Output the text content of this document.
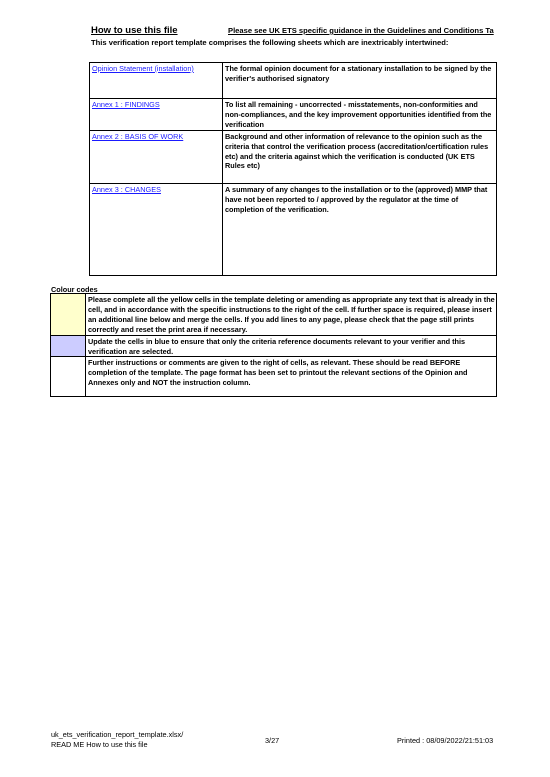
How to use this file	Please see UK ETS specific guidance in the Guidelines and Conditions Ta
This verification report template comprises the following sheets which are inextricably intertwined:
Opinion Statement (installation)	The formal opinion document for a stationary installation to be signed by the verifier's authorised signatory
Annex 1 : FINDINGS	To list all remaining - uncorrected - misstatements, non-conformities and non-compliances, and the key improvement opportunities identified from the verification
Annex 2 : BASIS OF WORK	Background and other information of relevance to the opinion such as the criteria that control the verification process (accreditation/certification rules etc) and the criteria against which the verification is conducted (UK ETS Rules etc)
Annex 3 : CHANGES	A summary of any changes to the installation or to the (approved) MMP that have not been reported to / approved by the regulator at the time of completion of the verification.
Colour codes
	Please complete all the yellow cells in the template deleting or amending as appropriate any text that is already in the cell, and in accordance with the specific instructions to the right of the cell. If further space is required, please insert an additional line below and merge the cells. If you add lines to any page, please check that the page still prints correctly and reset the print area if necessary.
	Update the cells in blue to ensure that only the criteria reference documents relevant to your verifier and this verification are selected.
	Further instructions or comments are given to the right of cells, as relevant. These should be read BEFORE completion of the template. The page format has been set to printout the relevant sections of the Opinion and Annexes only and NOT the instruction column.
uk_ets_verification_report_template.xlsx/
READ ME How to use this file	3/27	Printed : 08/09/2022/21:51:03
